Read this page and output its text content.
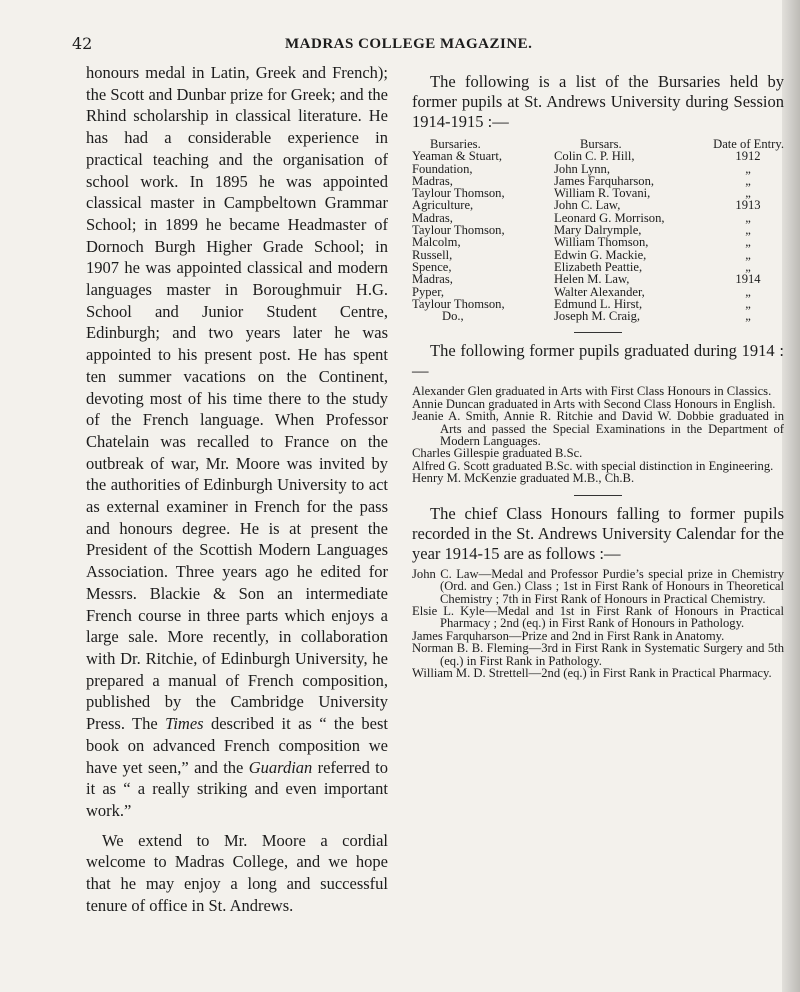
42	MADRAS COLLEGE MAGAZINE.

honours medal in Latin, Greek and French); the Scott and Dunbar prize for Greek; and the Rhind scholarship in classical literature. He has had a considerable experience in practical teaching and the organisation of school work. In 1895 he was appointed classical master in Campbeltown Grammar School; in 1899 he became Headmaster of Dornoch Burgh Higher Grade School; in 1907 he was appointed classical and modern languages master in Boroughmuir H.G. School and Junior Student Centre, Edinburgh; and two years later he was appointed to his present post. He has spent ten summer vacations on the Continent, devoting most of his time there to the study of the French language. When Professor Chatelain was recalled to France on the outbreak of war, Mr. Moore was invited by the authorities of Edinburgh University to act as external examiner in French for the pass and honours degree. He is at present the President of the Scottish Modern Languages Association. Three years ago he edited for Messrs. Blackie & Son an intermediate French course in three parts which enjoys a large sale. More recently, in collaboration with Dr. Ritchie, of Edinburgh University, he prepared a manual of French composition, published by the Cambridge University Press. The Times described it as “ the best book on advanced French composition we have yet seen,” and the Guardian referred to it as “ a really striking and even important work.”

We extend to Mr. Moore a cordial welcome to Madras College, and we hope that he may enjoy a long and successful tenure of office in St. Andrews.

The following is a list of the Bursaries held by former pupils at St. Andrews University during Session 1914-1915 :—

Bursaries.	Bursars.	Date of Entry.
Yeaman & Stuart,	Colin C. P. Hill,	1912
Foundation,	John Lynn,	„
Madras,	James Farquharson,	„
Taylour Thomson,	William R. Tovani,	„
Agriculture,	John C. Law,	1913
Madras,	Leonard G. Morrison,	„
Taylour Thomson,	Mary Dalrymple,	„
Malcolm,	William Thomson,	„
Russell,	Edwin G. Mackie,	„
Spence,	Elizabeth Peattie,	„
Madras,	Helen M. Law,	1914
Pyper,	Walter Alexander,	„
Taylour Thomson,	Edmund L. Hirst,	„
Do.,	Joseph M. Craig,	„

The following former pupils graduated during 1914 :—

Alexander Glen graduated in Arts with First Class Honours in Classics.
Annie Duncan graduated in Arts with Second Class Honours in English.
Jeanie A. Smith, Annie R. Ritchie and David W. Dobbie graduated in Arts and passed the Special Examinations in the Department of Modern Languages.
Charles Gillespie graduated B.Sc.
Alfred G. Scott graduated B.Sc. with special distinction in Engineering.
Henry M. McKenzie graduated M.B., Ch.B.

The chief Class Honours falling to former pupils recorded in the St. Andrews University Calendar for the year 1914-15 are as follows :—

John C. Law—Medal and Professor Purdie’s special prize in Chemistry (Ord. and Gen.) Class ; 1st in First Rank of Honours in Theoretical Chemistry ; 7th in First Rank of Honours in Practical Chemistry.
Elsie L. Kyle—Medal and 1st in First Rank of Honours in Practical Pharmacy ; 2nd (eq.) in First Rank of Honours in Pathology.
James Farquharson—Prize and 2nd in First Rank in Anatomy.
Norman B. B. Fleming—3rd in First Rank in Systematic Surgery and 5th (eq.) in First Rank in Pathology.
William M. D. Strettell—2nd (eq.) in First Rank in Practical Pharmacy.
